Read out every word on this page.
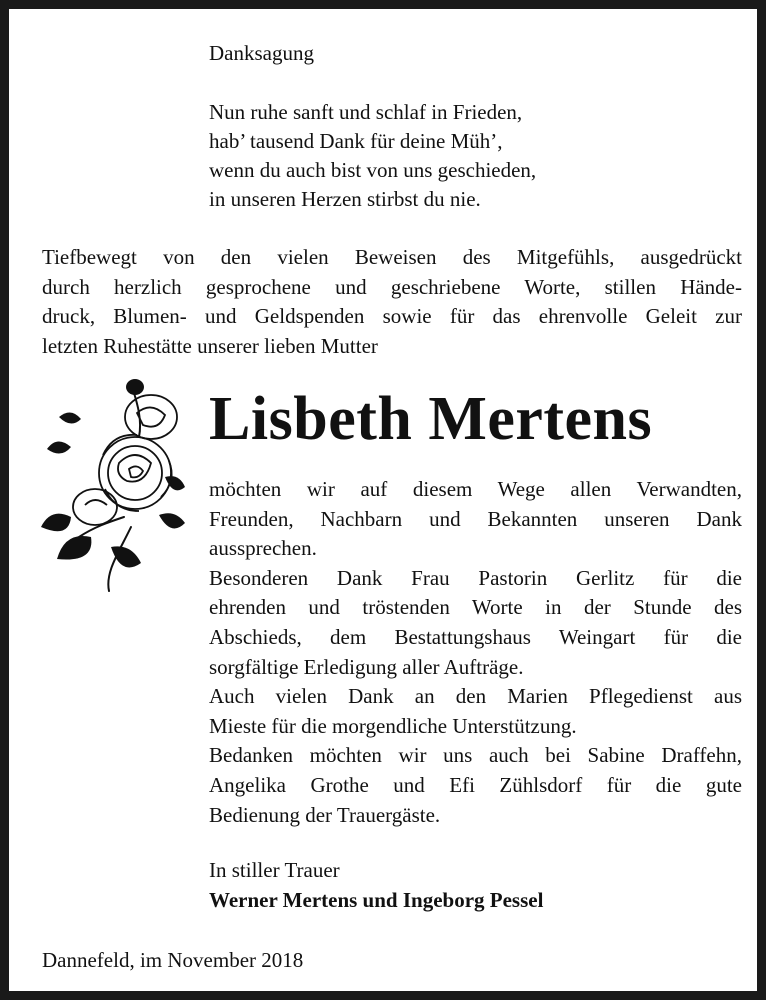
Danksagung
Nun ruhe sanft und schlaf in Frieden,
hab’ tausend Dank für deine Müh’,
wenn du auch bist von uns geschieden,
in unseren Herzen stirbst du nie.
Tiefbewegt von den vielen Beweisen des Mitgefühls, ausgedrückt
durch herzlich gesprochene und geschriebene Worte, stillen Hände-
druck, Blumen- und Geldspenden sowie für das ehrenvolle Geleit zur
letzten Ruhestätte unserer lieben Mutter
Lisbeth Mertens
möchten wir auf diesem Wege allen Verwandten,
Freunden, Nachbarn und Bekannten unseren Dank
aussprechen.
Besonderen Dank Frau Pastorin Gerlitz für die
ehrenden und tröstenden Worte in der Stunde des
Abschieds, dem Bestattungshaus Weingart für die
sorgfältige Erledigung aller Aufträge.
Auch vielen Dank an den Marien Pflegedienst aus
Mieste für die morgendliche Unterstützung.
Bedanken möchten wir uns auch bei Sabine Draffehn,
Angelika Grothe und Efi Zühlsdorf für die gute
Bedienung der Trauergäste.
In stiller Trauer
Werner Mertens und Ingeborg Pessel
Dannefeld, im November 2018
